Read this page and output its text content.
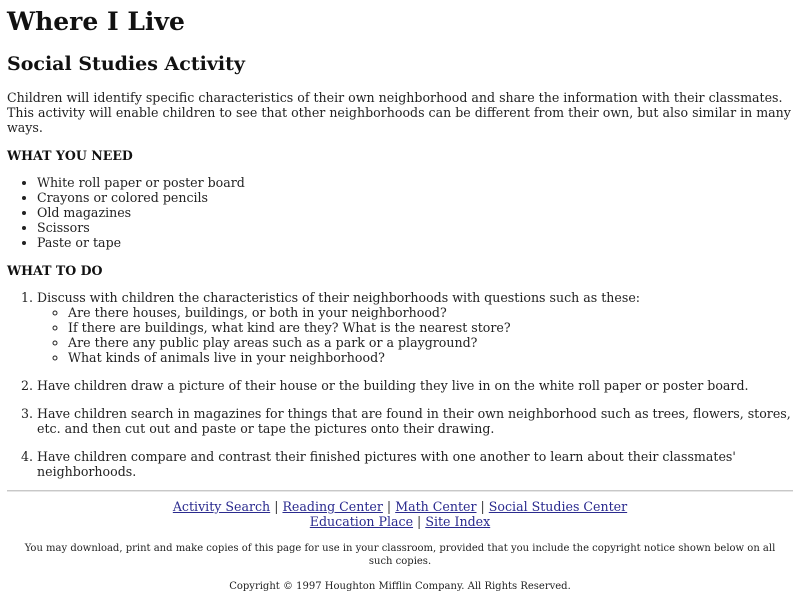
Where I Live
Social Studies Activity

Children will identify specific characteristics of their own neighborhood and share the information with their classmates. This activity will enable children to see that other neighborhoods can be different from their own, but also similar in many ways.

WHAT YOU NEED
• White roll paper or poster board
• Crayons or colored pencils
• Old magazines
• Scissors
• Paste or tape
WHAT TO DO
1. Discuss with children the characteristics of their neighborhoods with questions such as these:
◦ Are there houses, buildings, or both in your neighborhood?
◦ If there are buildings, what kind are they? What is the nearest store?
◦ Are there any public play areas such as a park or a playground?
◦ What kinds of animals live in your neighborhood?
2. Have children draw a picture of their house or the building they live in on the white roll paper or poster board.
3. Have children search in magazines for things that are found in their own neighborhood such as trees, flowers, stores, etc. and then cut out and paste or tape the pictures onto their drawing.
4. Have children compare and contrast their finished pictures with one another to learn about their classmates' neighborhoods.
Activity Search | Reading Center | Math Center | Social Studies Center
Education Place | Site Index

You may download, print and make copies of this page for use in your classroom, provided that you include the copyright notice shown below on all such copies.

Copyright © 1997 Houghton Mifflin Company. All Rights Reserved.
